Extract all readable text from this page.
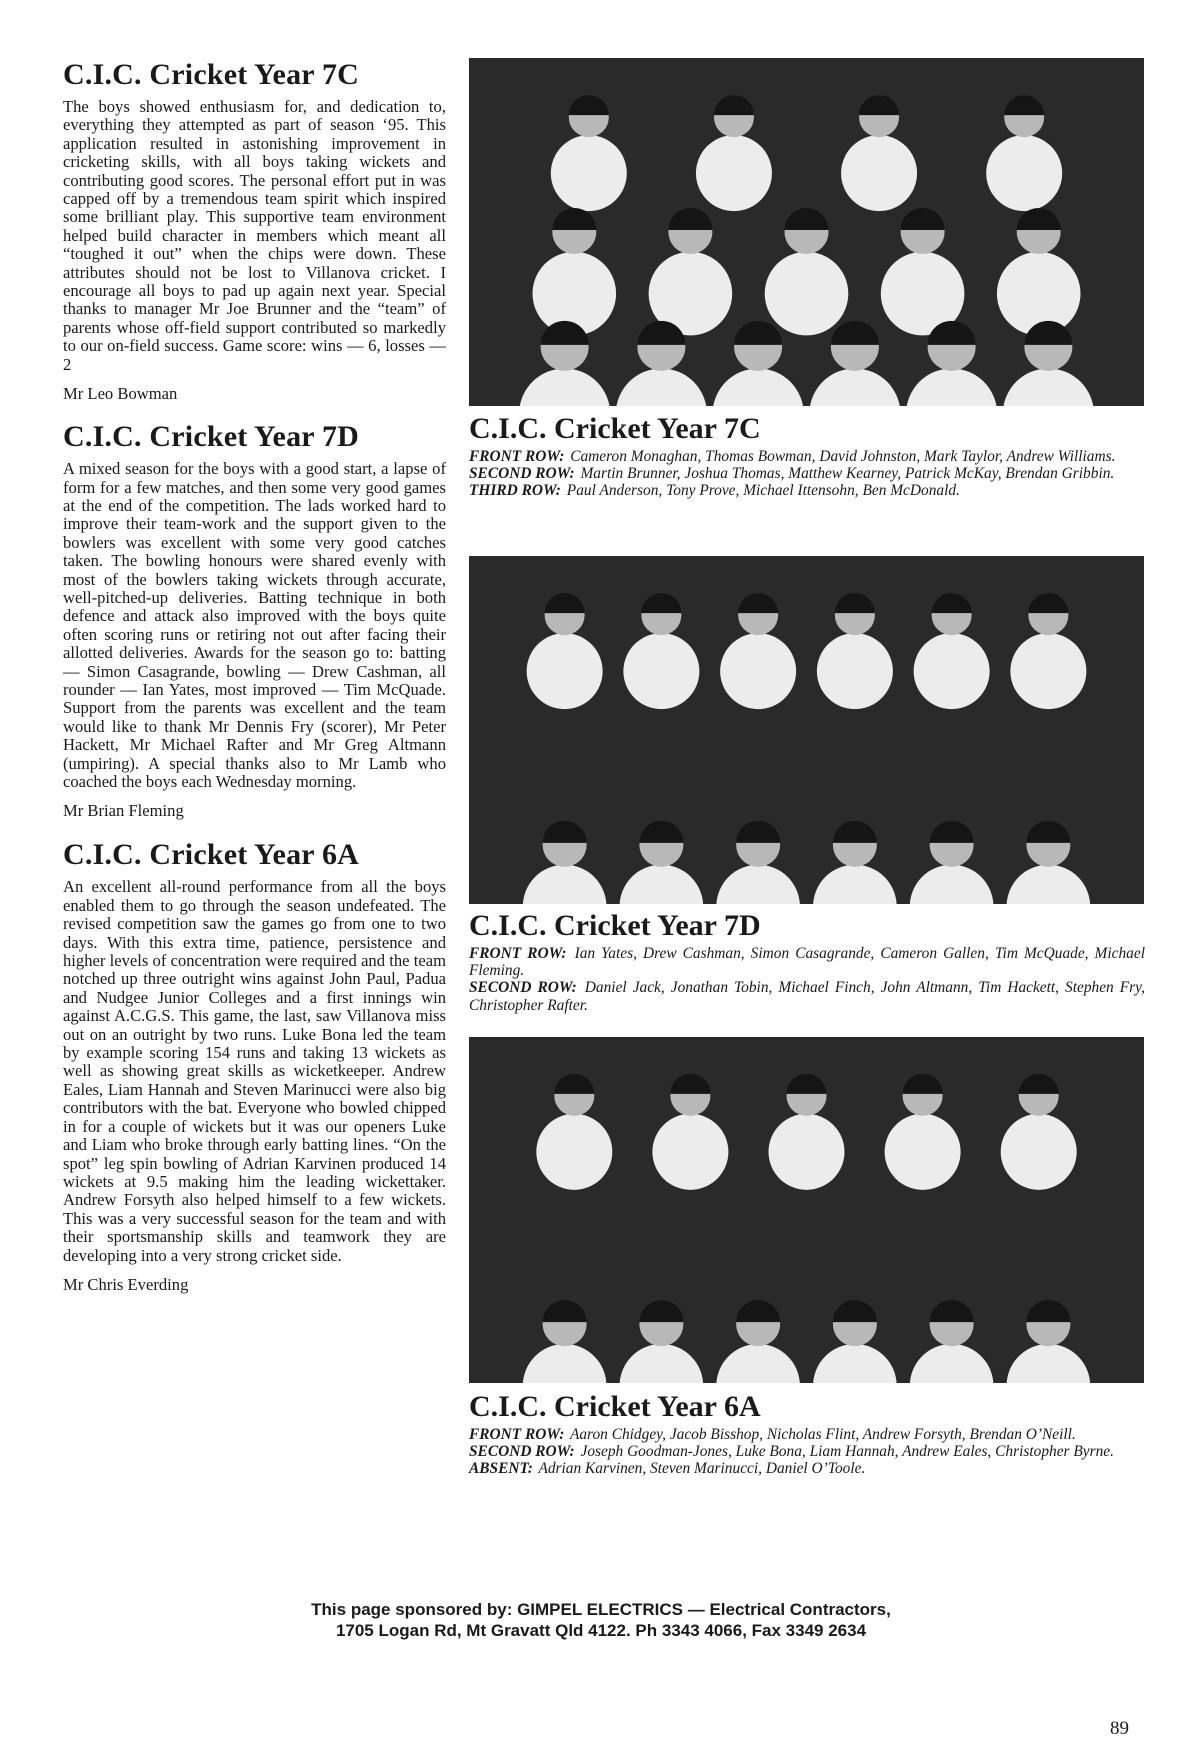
C.I.C. Cricket Year 7C

The boys showed enthusiasm for, and dedication to, everything they attempted as part of season ‘95. This application resulted in astonishing improvement in cricketing skills, with all boys taking wickets and contributing good scores. The personal effort put in was capped off by a tremendous team spirit which inspired some brilliant play. This supportive team environment helped build character in members which meant all “toughed it out” when the chips were down. These attributes should not be lost to Villanova cricket. I encourage all boys to pad up again next year. Special thanks to manager Mr Joe Brunner and the “team” of parents whose off-field support contributed so markedly to our on-field success. Game score: wins — 6, losses — 2

Mr Leo Bowman

C.I.C. Cricket Year 7D

A mixed season for the boys with a good start, a lapse of form for a few matches, and then some very good games at the end of the competition. The lads worked hard to improve their team-work and the support given to the bowlers was excellent with some very good catches taken. The bowling honours were shared evenly with most of the bowlers taking wickets through accurate, well-pitched-up deliveries. Batting technique in both defence and attack also improved with the boys quite often scoring runs or retiring not out after facing their allotted deliveries. Awards for the season go to: batting — Simon Casagrande, bowling — Drew Cashman, all rounder — Ian Yates, most improved — Tim McQuade. Support from the parents was excellent and the team would like to thank Mr Dennis Fry (scorer), Mr Peter Hackett, Mr Michael Rafter and Mr Greg Altmann (umpiring). A special thanks also to Mr Lamb who coached the boys each Wednesday morning.

Mr Brian Fleming

C.I.C. Cricket Year 6A

An excellent all-round performance from all the boys enabled them to go through the season undefeated. The revised competition saw the games go from one to two days. With this extra time, patience, persistence and higher levels of concentration were required and the team notched up three outright wins against John Paul, Padua and Nudgee Junior Colleges and a first innings win against A.C.G.S. This game, the last, saw Villanova miss out on an outright by two runs. Luke Bona led the team by example scoring 154 runs and taking 13 wickets as well as showing great skills as wicketkeeper. Andrew Eales, Liam Hannah and Steven Marinucci were also big contributors with the bat. Everyone who bowled chipped in for a couple of wickets but it was our openers Luke and Liam who broke through early batting lines. “On the spot” leg spin bowling of Adrian Karvinen produced 14 wickets at 9.5 making him the leading wickettaker. Andrew Forsyth also helped himself to a few wickets. This was a very successful season for the team and with their sportsmanship skills and teamwork they are developing into a very strong cricket side.

Mr Chris Everding

C.I.C. Cricket Year 7C

FRONT ROW: Cameron Monaghan, Thomas Bowman, David Johnston, Mark Taylor, Andrew Williams.

SECOND ROW: Martin Brunner, Joshua Thomas, Matthew Kearney, Patrick McKay, Brendan Gribbin.

THIRD ROW: Paul Anderson, Tony Prove, Michael Ittensohn, Ben McDonald.

C.I.C. Cricket Year 7D

FRONT ROW: Ian Yates, Drew Cashman, Simon Casagrande, Cameron Gallen, Tim McQuade, Michael Fleming.

SECOND ROW: Daniel Jack, Jonathan Tobin, Michael Finch, John Altmann, Tim Hackett, Stephen Fry, Christopher Rafter.

C.I.C. Cricket Year 6A

FRONT ROW: Aaron Chidgey, Jacob Bisshop, Nicholas Flint, Andrew Forsyth, Brendan O’Neill.

SECOND ROW: Joseph Goodman-Jones, Luke Bona, Liam Hannah, Andrew Eales, Christopher Byrne.

ABSENT: Adrian Karvinen, Steven Marinucci, Daniel O’Toole.

This page sponsored by: GIMPEL ELECTRICS — Electrical Contractors,
1705 Logan Rd, Mt Gravatt Qld 4122. Ph 3343 4066, Fax 3349 2634
89
